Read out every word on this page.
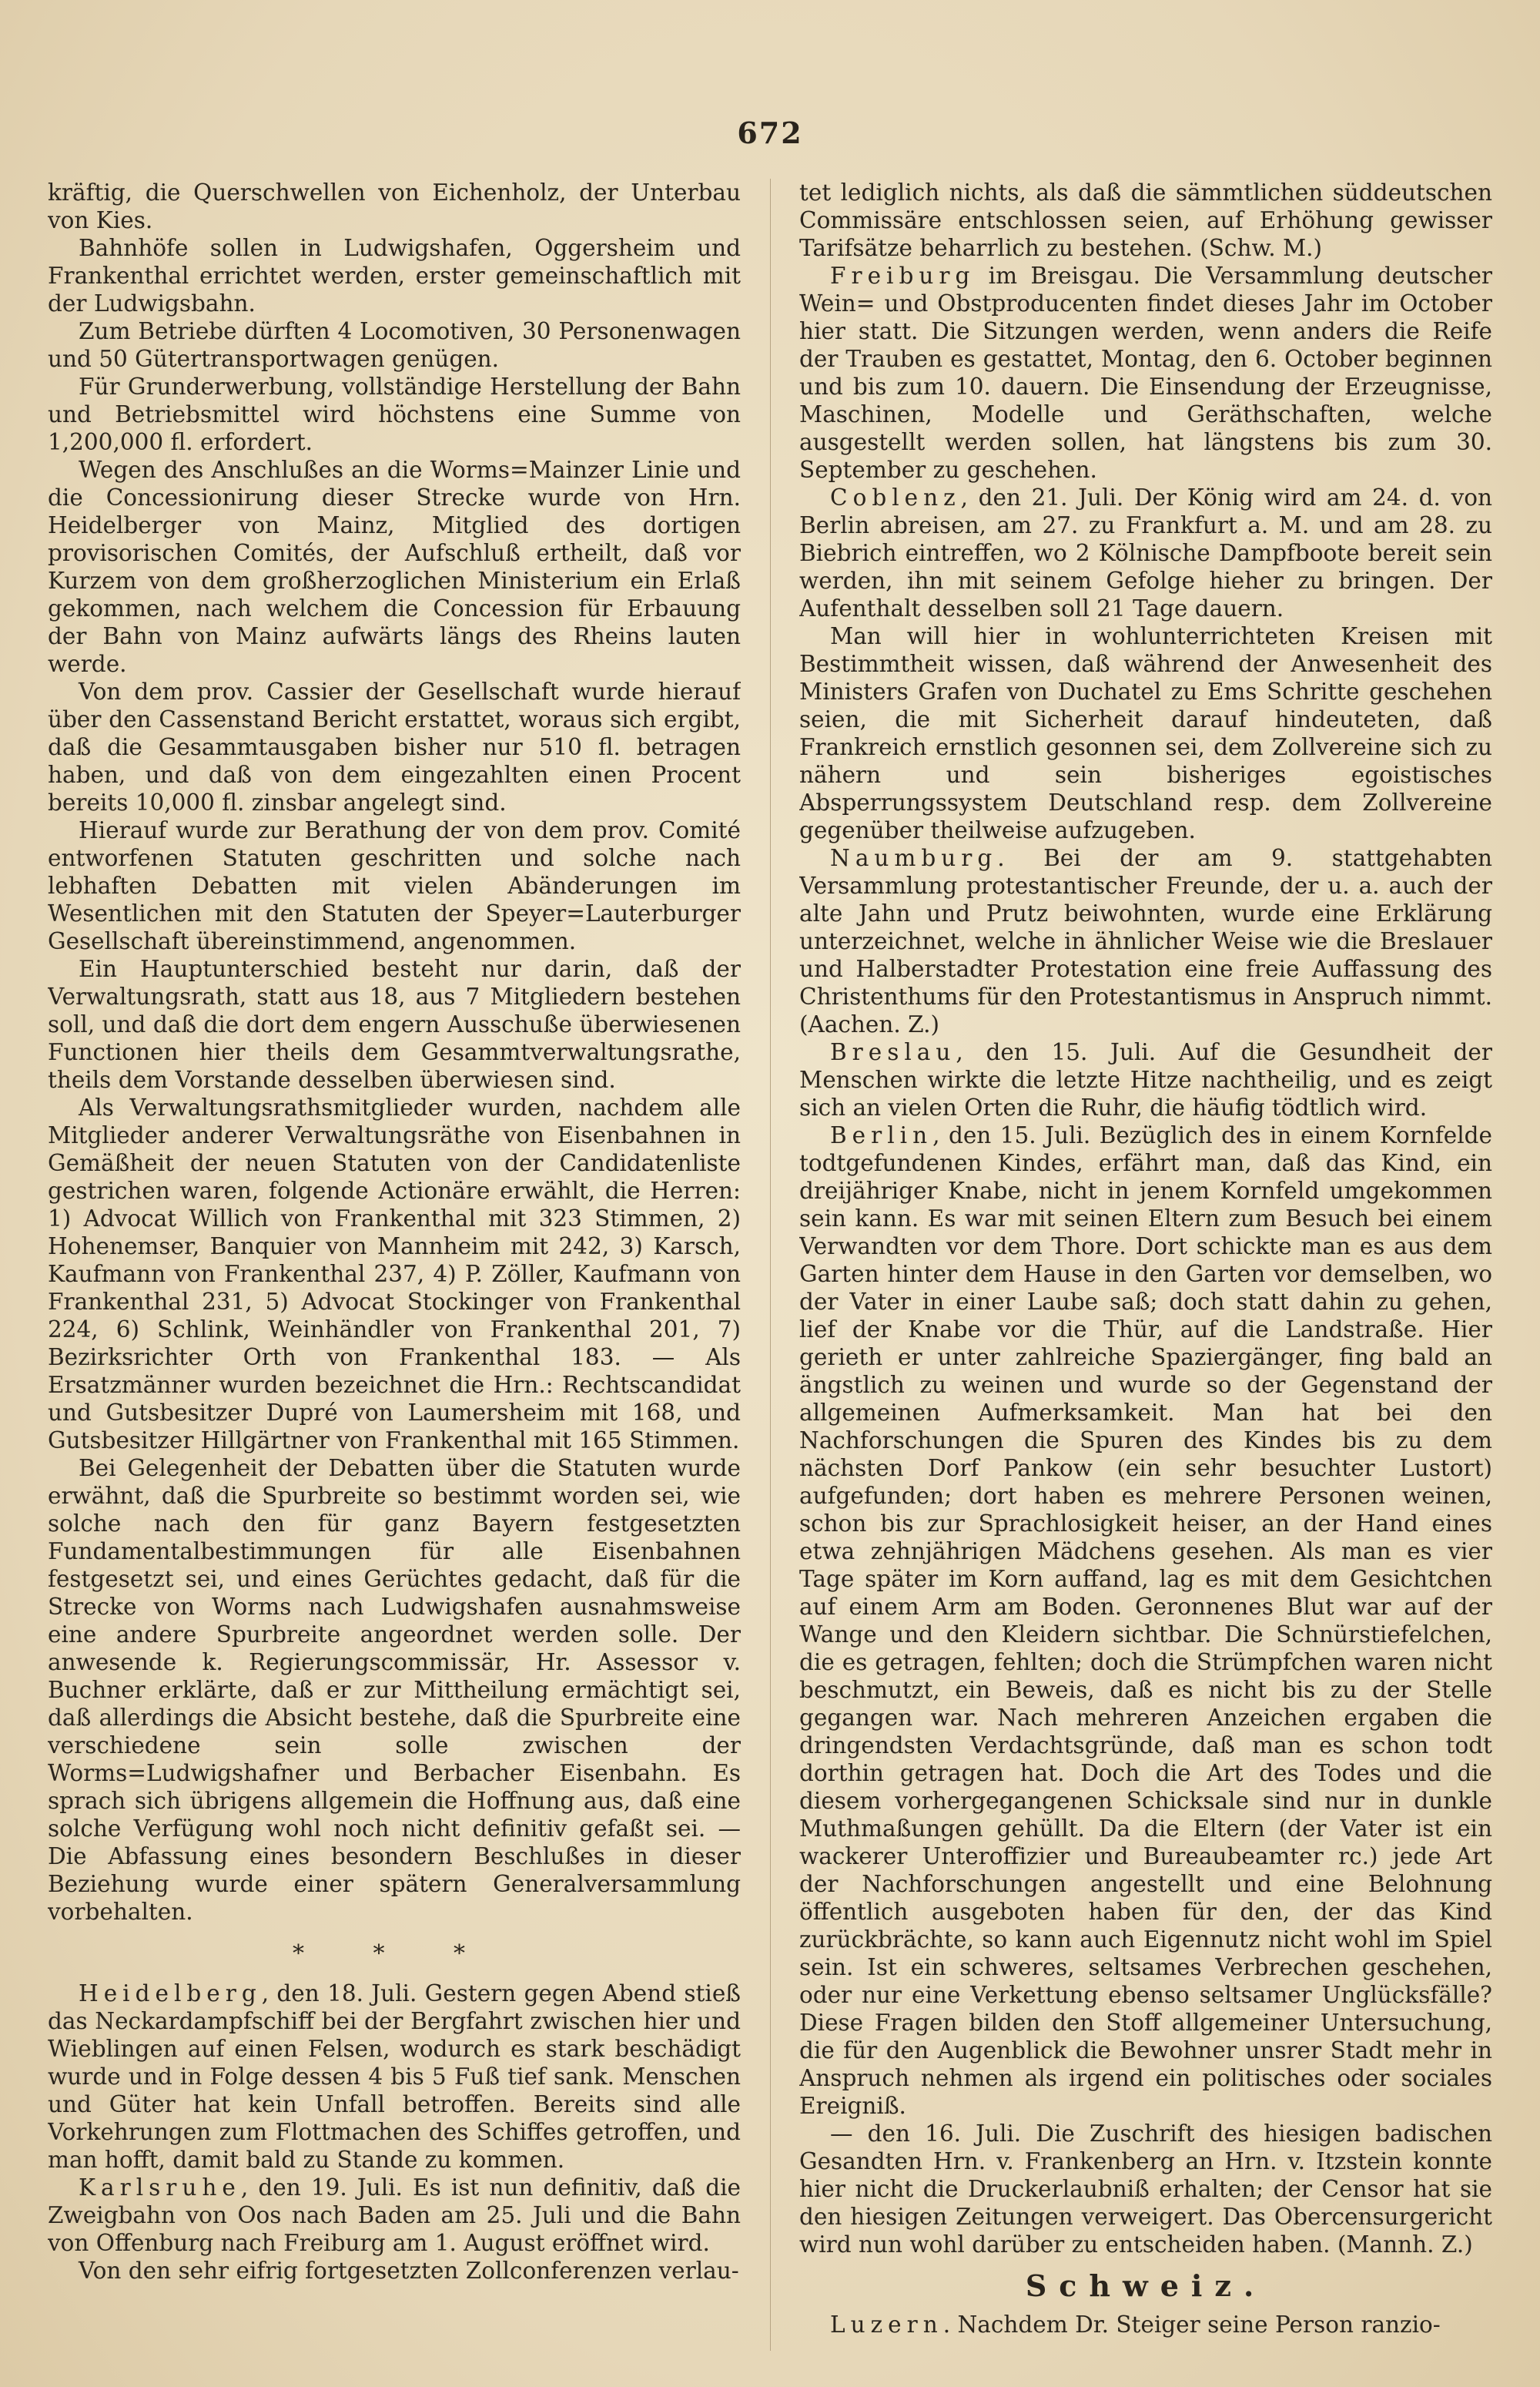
672

kräftig, die Querschwellen von Eichenholz, der Unterbau von Kies.

Bahnhöfe sollen in Ludwigshafen, Oggersheim und Frankenthal errichtet werden, erster gemeinschaftlich mit der Ludwigsbahn.

Zum Betriebe dürften 4 Locomotiven, 30 Personenwagen und 50 Gütertransportwagen genügen.

Für Grunderwerbung, vollständige Herstellung der Bahn und Betriebsmittel wird höchstens eine Summe von 1,200,000 fl. erfordert.

Wegen des Anschlußes an die Worms=Mainzer Linie und die Concessionirung dieser Strecke wurde von Hrn. Heidelberger von Mainz, Mitglied des dortigen provisorischen Comités, der Aufschluß ertheilt, daß vor Kurzem von dem großherzoglichen Ministerium ein Erlaß gekommen, nach welchem die Concession für Erbauung der Bahn von Mainz aufwärts längs des Rheins lauten werde.

Von dem prov. Cassier der Gesellschaft wurde hierauf über den Cassenstand Bericht erstattet, woraus sich ergibt, daß die Gesammtausgaben bisher nur 510 fl. betragen haben, und daß von dem eingezahlten einen Procent bereits 10,000 fl. zinsbar angelegt sind.

Hierauf wurde zur Berathung der von dem prov. Comité entworfenen Statuten geschritten und solche nach lebhaften Debatten mit vielen Abänderungen im Wesentlichen mit den Statuten der Speyer=Lauterburger Gesellschaft übereinstimmend, angenommen.

Ein Hauptunterschied besteht nur darin, daß der Verwaltungsrath, statt aus 18, aus 7 Mitgliedern bestehen soll, und daß die dort dem engern Ausschuße überwiesenen Functionen hier theils dem Gesammtverwaltungsrathe, theils dem Vorstande desselben überwiesen sind.

Als Verwaltungsrathsmitglieder wurden, nachdem alle Mitglieder anderer Verwaltungsräthe von Eisenbahnen in Gemäßheit der neuen Statuten von der Candidatenliste gestrichen waren, folgende Actionäre erwählt, die Herren: 1) Advocat Willich von Frankenthal mit 323 Stimmen, 2) Hohenemser, Banquier von Mannheim mit 242, 3) Karsch, Kaufmann von Frankenthal 237, 4) P. Zöller, Kaufmann von Frankenthal 231, 5) Advocat Stockinger von Frankenthal 224, 6) Schlink, Weinhändler von Frankenthal 201, 7) Bezirksrichter Orth von Frankenthal 183. — Als Ersatzmänner wurden bezeichnet die Hrn.: Rechtscandidat und Gutsbesitzer Dupré von Laumersheim mit 168, und Gutsbesitzer Hillgärtner von Frankenthal mit 165 Stimmen.

Bei Gelegenheit der Debatten über die Statuten wurde erwähnt, daß die Spurbreite so bestimmt worden sei, wie solche nach den für ganz Bayern festgesetzten Fundamentalbestimmungen für alle Eisenbahnen festgesetzt sei, und eines Gerüchtes gedacht, daß für die Strecke von Worms nach Ludwigshafen ausnahmsweise eine andere Spurbreite angeordnet werden solle. Der anwesende k. Regierungscommissär, Hr. Assessor v. Buchner erklärte, daß er zur Mittheilung ermächtigt sei, daß allerdings die Absicht bestehe, daß die Spurbreite eine verschiedene sein solle zwischen der Worms=Ludwigshafner und Berbacher Eisenbahn. Es sprach sich übrigens allgemein die Hoffnung aus, daß eine solche Verfügung wohl noch nicht definitiv gefaßt sei. — Die Abfassung eines besondern Beschlußes in dieser Beziehung wurde einer spätern Generalversammlung vorbehalten.

* * *

Heidelberg, den 18. Juli. Gestern gegen Abend stieß das Neckardampfschiff bei der Bergfahrt zwischen hier und Wieblingen auf einen Felsen, wodurch es stark beschädigt wurde und in Folge dessen 4 bis 5 Fuß tief sank. Menschen und Güter hat kein Unfall betroffen. Bereits sind alle Vorkehrungen zum Flottmachen des Schiffes getroffen, und man hofft, damit bald zu Stande zu kommen.

Karlsruhe, den 19. Juli. Es ist nun definitiv, daß die Zweigbahn von Oos nach Baden am 25. Juli und die Bahn von Offenburg nach Freiburg am 1. August eröffnet wird.

Von den sehr eifrig fortgesetzten Zollconferenzen verlau-

tet lediglich nichts, als daß die sämmtlichen süddeutschen Commissäre entschlossen seien, auf Erhöhung gewisser Tarifsätze beharrlich zu bestehen. (Schw. M.)

Freiburg im Breisgau. Die Versammlung deutscher Wein= und Obstproducenten findet dieses Jahr im October hier statt. Die Sitzungen werden, wenn anders die Reife der Trauben es gestattet, Montag, den 6. October beginnen und bis zum 10. dauern. Die Einsendung der Erzeugnisse, Maschinen, Modelle und Geräthschaften, welche ausgestellt werden sollen, hat längstens bis zum 30. September zu geschehen.

Coblenz, den 21. Juli. Der König wird am 24. d. von Berlin abreisen, am 27. zu Frankfurt a. M. und am 28. zu Biebrich eintreffen, wo 2 Kölnische Dampfboote bereit sein werden, ihn mit seinem Gefolge hieher zu bringen. Der Aufenthalt desselben soll 21 Tage dauern.

Man will hier in wohlunterrichteten Kreisen mit Bestimmtheit wissen, daß während der Anwesenheit des Ministers Grafen von Duchatel zu Ems Schritte geschehen seien, die mit Sicherheit darauf hindeuteten, daß Frankreich ernstlich gesonnen sei, dem Zollvereine sich zu nähern und sein bisheriges egoistisches Absperrungssystem Deutschland resp. dem Zollvereine gegenüber theilweise aufzugeben.

Naumburg. Bei der am 9. stattgehabten Versammlung protestantischer Freunde, der u. a. auch der alte Jahn und Prutz beiwohnten, wurde eine Erklärung unterzeichnet, welche in ähnlicher Weise wie die Breslauer und Halberstadter Protestation eine freie Auffassung des Christenthums für den Protestantismus in Anspruch nimmt. (Aachen. Z.)

Breslau, den 15. Juli. Auf die Gesundheit der Menschen wirkte die letzte Hitze nachtheilig, und es zeigt sich an vielen Orten die Ruhr, die häufig tödtlich wird.

Berlin, den 15. Juli. Bezüglich des in einem Kornfelde todtgefundenen Kindes, erfährt man, daß das Kind, ein dreijähriger Knabe, nicht in jenem Kornfeld umgekommen sein kann. Es war mit seinen Eltern zum Besuch bei einem Verwandten vor dem Thore. Dort schickte man es aus dem Garten hinter dem Hause in den Garten vor demselben, wo der Vater in einer Laube saß; doch statt dahin zu gehen, lief der Knabe vor die Thür, auf die Landstraße. Hier gerieth er unter zahlreiche Spaziergänger, fing bald an ängstlich zu weinen und wurde so der Gegenstand der allgemeinen Aufmerksamkeit. Man hat bei den Nachforschungen die Spuren des Kindes bis zu dem nächsten Dorf Pankow (ein sehr besuchter Lustort) aufgefunden; dort haben es mehrere Personen weinen, schon bis zur Sprachlosigkeit heiser, an der Hand eines etwa zehnjährigen Mädchens gesehen. Als man es vier Tage später im Korn auffand, lag es mit dem Gesichtchen auf einem Arm am Boden. Geronnenes Blut war auf der Wange und den Kleidern sichtbar. Die Schnürstiefelchen, die es getragen, fehlten; doch die Strümpfchen waren nicht beschmutzt, ein Beweis, daß es nicht bis zu der Stelle gegangen war. Nach mehreren Anzeichen ergaben die dringendsten Verdachtsgründe, daß man es schon todt dorthin getragen hat. Doch die Art des Todes und die diesem vorhergegangenen Schicksale sind nur in dunkle Muthmaßungen gehüllt. Da die Eltern (der Vater ist ein wackerer Unteroffizier und Bureaubeamter rc.) jede Art der Nachforschungen angestellt und eine Belohnung öffentlich ausgeboten haben für den, der das Kind zurückbrächte, so kann auch Eigennutz nicht wohl im Spiel sein. Ist ein schweres, seltsames Verbrechen geschehen, oder nur eine Verkettung ebenso seltsamer Unglücksfälle? Diese Fragen bilden den Stoff allgemeiner Untersuchung, die für den Augenblick die Bewohner unsrer Stadt mehr in Anspruch nehmen als irgend ein politisches oder sociales Ereigniß.

— den 16. Juli. Die Zuschrift des hiesigen badischen Gesandten Hrn. v. Frankenberg an Hrn. v. Itzstein konnte hier nicht die Druckerlaubniß erhalten; der Censor hat sie den hiesigen Zeitungen verweigert. Das Obercensurgericht wird nun wohl darüber zu entscheiden haben. (Mannh. Z.)

Schweiz.

Luzern. Nachdem Dr. Steiger seine Person ranzio-
